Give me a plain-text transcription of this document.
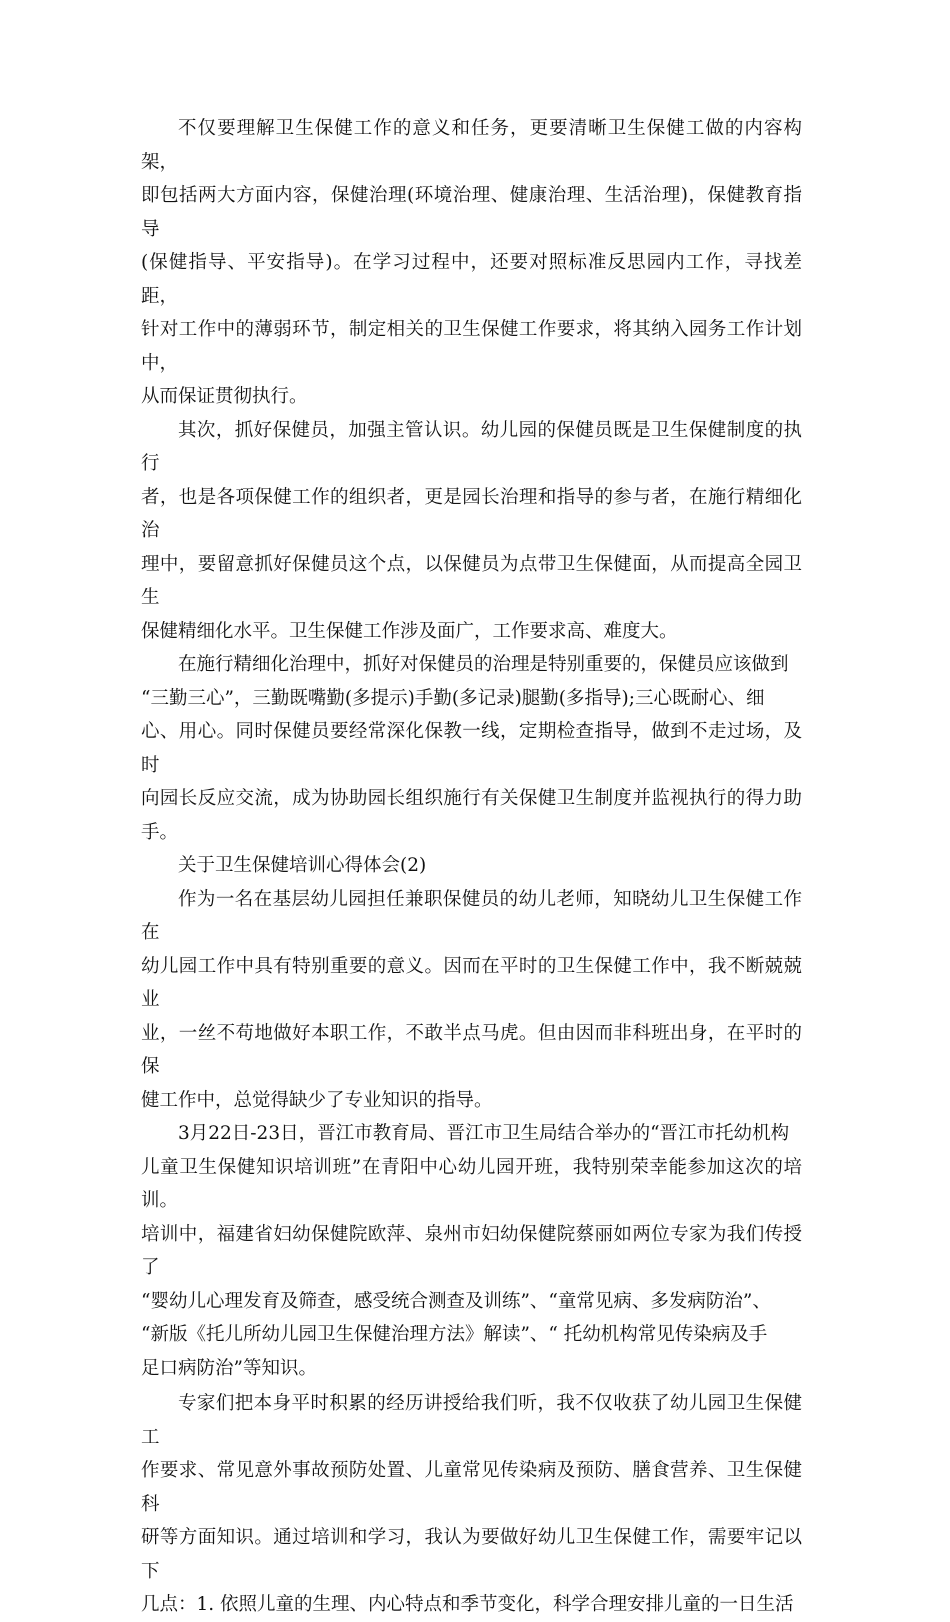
不仅要理解卫生保健工作的意义和任务，更要清晰卫生保健工做的内容构架，
即包括两大方面内容，保健治理(环境治理、健康治理、生活治理)，保健教育指导
(保健指导、平安指导)。在学习过程中，还要对照标准反思园内工作，寻找差距，
针对工作中的薄弱环节，制定相关的卫生保健工作要求，将其纳入园务工作计划中，
从而保证贯彻执行。

其次，抓好保健员，加强主管认识。幼儿园的保健员既是卫生保健制度的执行
者，也是各项保健工作的组织者，更是园长治理和指导的参与者，在施行精细化治
理中，要留意抓好保健员这个点，以保健员为点带卫生保健面，从而提高全园卫生
保健精细化水平。卫生保健工作涉及面广，工作要求高、难度大。

在施行精细化治理中，抓好对保健员的治理是特别重要的，保健员应该做到
“三勤三心”，三勤既嘴勤(多提示)手勤(多记录)腿勤(多指导);三心既耐心、细
心、用心。同时保健员要经常深化保教一线，定期检查指导，做到不走过场，及时
向园长反应交流，成为协助园长组织施行有关保健卫生制度并监视执行的得力助手。

关于卫生保健培训心得体会(2)

作为一名在基层幼儿园担任兼职保健员的幼儿老师，知晓幼儿卫生保健工作在
幼儿园工作中具有特别重要的意义。因而在平时的卫生保健工作中，我不断兢兢业
业，一丝不苟地做好本职工作，不敢半点马虎。但由因而非科班出身，在平时的保
健工作中，总觉得缺少了专业知识的指导。

3月22日-23日，晋江市教育局、晋江市卫生局结合举办的“晋江市托幼机构
儿童卫生保健知识培训班”在青阳中心幼儿园开班，我特别荣幸能参加这次的培训。
培训中，福建省妇幼保健院欧萍、泉州市妇幼保健院蔡丽如两位专家为我们传授了
“婴幼儿心理发育及筛查，感受统合测查及训练”、“童常见病、多发病防治”、
“新版《托儿所幼儿园卫生保健治理方法》解读”、“ 托幼机构常见传染病及手
足口病防治”等知识。

专家们把本身平时积累的经历讲授给我们听，我不仅收获了幼儿园卫生保健工
作要求、常见意外事故预防处置、儿童常见传染病及预防、膳食营养、卫生保健科
研等方面知识。通过培训和学习，我认为要做好幼儿卫生保健工作，需要牢记以下
几点：1. 依照儿童的生理、内心特点和季节变化，科学合理安排儿童的一日生活
